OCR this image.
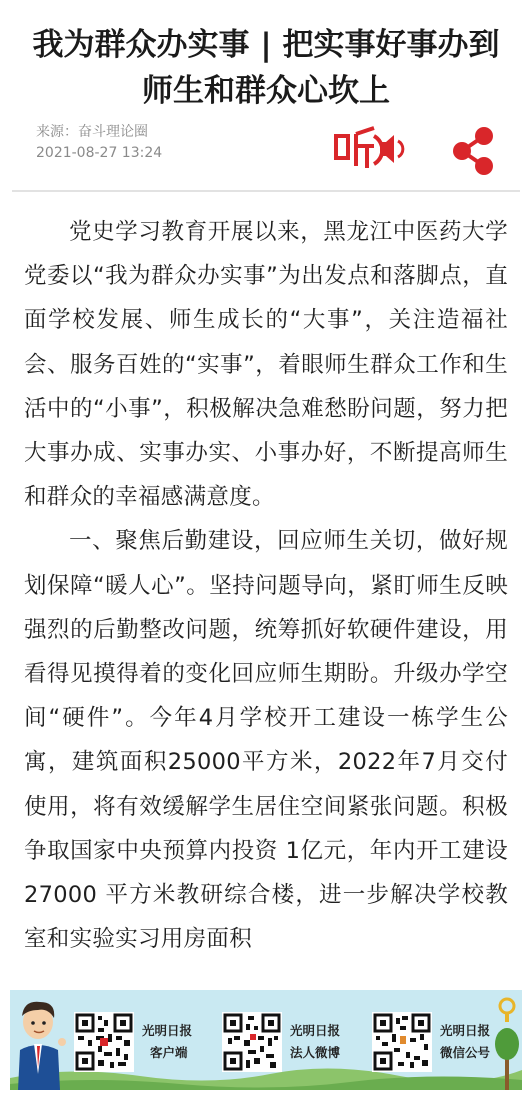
我为群众办实事 | 把实事好事办到师生和群众心坎上
来源：奋斗理论圈
2021-08-27 13:24

党史学习教育开展以来，黑龙江中医药大学党委以“我为群众办实事”为出发点和落脚点，直面学校发展、师生成长的“大事”，关注造福社会、服务百姓的“实事”，着眼师生群众工作和生活中的“小事”，积极解决急难愁盼问题，努力把大事办成、实事办实、小事办好，不断提高师生和群众的幸福感满意度。

一、聚焦后勤建设，回应师生关切，做好规划保障“暖人心”。坚持问题导向，紧盯师生反映强烈的后勤整改问题，统筹抓好软硬件建设，用看得见摸得着的变化回应师生期盼。升级办学空间“硬件”。今年4月学校开工建设一栋学生公寓，建筑面积25000平方米，2022年7月交付使用，将有效缓解学生居住空间紧张问题。积极争取国家中央预算内投资 1亿元，年内开工建设27000 平方米教研综合楼，进一步解决学校教室和实验实习用房面积

光明日报
客户端
光明日报
法人微博
光明日报
微信公号
